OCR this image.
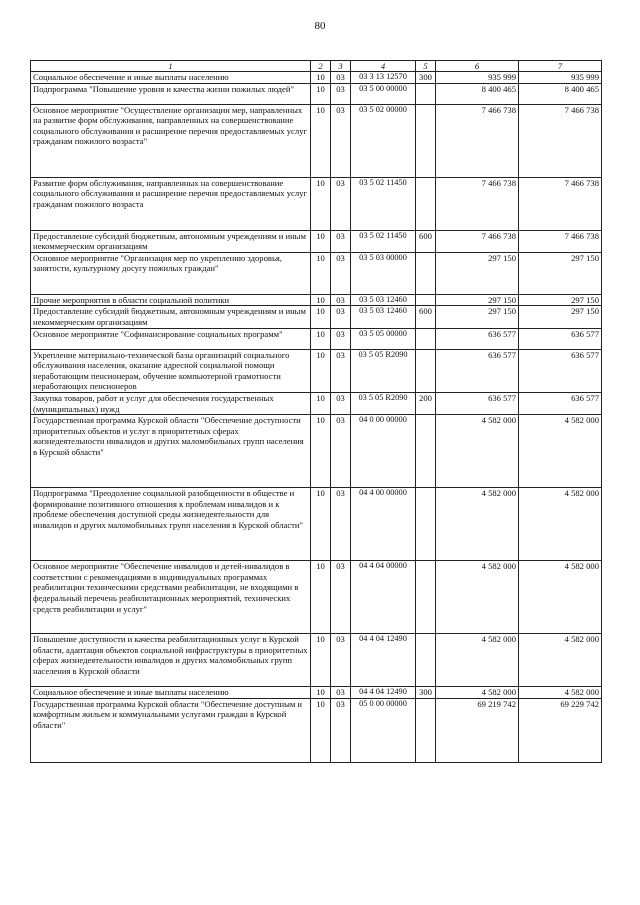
80
1	2	3	4	5	6	7
Социальное обеспечение и иные выплаты населению	10	03	03 3 13 12570	300	935 999	935 999
Подпрограмма "Повышение уровня и качества жизни пожилых людей"	10	03	03 5 00 00000		8 400 465	8 400 465
Основное мероприятие "Осуществление организации мер, направленных на развитие форм обслуживания, направленных на совершенствование социального обслуживания и расширение перечня предоставляемых услуг гражданам пожилого возраста"	10	03	03 5 02 00000		7 466 738	7 466 738
Развитие форм обслуживания, направленных на совершенствование социального обслуживания и расширение перечня предоставляемых услуг гражданам пожилого возраста	10	03	03 5 02 11450		7 466 738	7 466 738
Предоставление субсидий бюджетным, автономным учреждениям и иным некоммерческим организациям	10	03	03 5 02 11450	600	7 466 738	7 466 738
Основное мероприятие "Организация мер по укреплению здоровья, занятости, культурному досугу пожилых граждан"	10	03	03 5 03 00000		297 150	297 150
Прочие мероприятия в области социальной политики	10	03	03 5 03 12460		297 150	297 150
Предоставление субсидий бюджетным, автономным учреждениям и иным некоммерческим организациям	10	03	03 5 03 12460	600	297 150	297 150
Основное мероприятие "Софинансирование социальных программ"	10	03	03 5 05 00000		636 577	636 577
Укрепление материально-технической базы организаций социального обслуживания населения, оказание адресной социальной помощи неработающим пенсионерам, обучение компьютерной грамотности неработающих пенсионеров	10	03	03 5 05 R2090		636 577	636 577
Закупка товаров, работ и услуг для обеспечения государственных (муниципальных) нужд	10	03	03 5 05 R2090	200	636 577	636 577
Государственная программа Курской области "Обеспечение доступности приоритетных объектов и услуг в приоритетных сферах жизнедеятельности инвалидов и других маломобильных групп населения в Курской области"	10	03	04 0 00 00000		4 582 000	4 582 000
Подпрограмма "Преодоление социальной разобщенности в обществе и формирование позитивного отношения к проблемам инвалидов и к проблеме обеспечения доступной среды жизнедеятельности для инвалидов и других маломобильных групп населения в Курской области"	10	03	04 4 00 00000		4 582 000	4 582 000
Основное мероприятие "Обеспечение инвалидов и детей-инвалидов в соответствии с рекомендациями в индивидуальных программах реабилитации техническими средствами реабилитации, не входящими в федеральный перечень реабилитационных мероприятий, технических средств реабилитации и услуг"	10	03	04 4 04 00000		4 582 000	4 582 000
Повышение доступности и качества реабилитационных услуг в Курской области, адаптация объектов социальной инфраструктуры в приоритетных сферах жизнедеятельности инвалидов и других маломобильных групп населения в Курской области	10	03	04 4 04 12490		4 582 000	4 582 000
Социальное обеспечение и иные выплаты населению	10	03	04 4 04 12490	300	4 582 000	4 582 000
Государственная программа Курской области "Обеспечение доступным и комфортным жильем и коммунальными услугами граждан в Курской области"	10	03	05 0 00 00000		69 219 742	69 229 742
